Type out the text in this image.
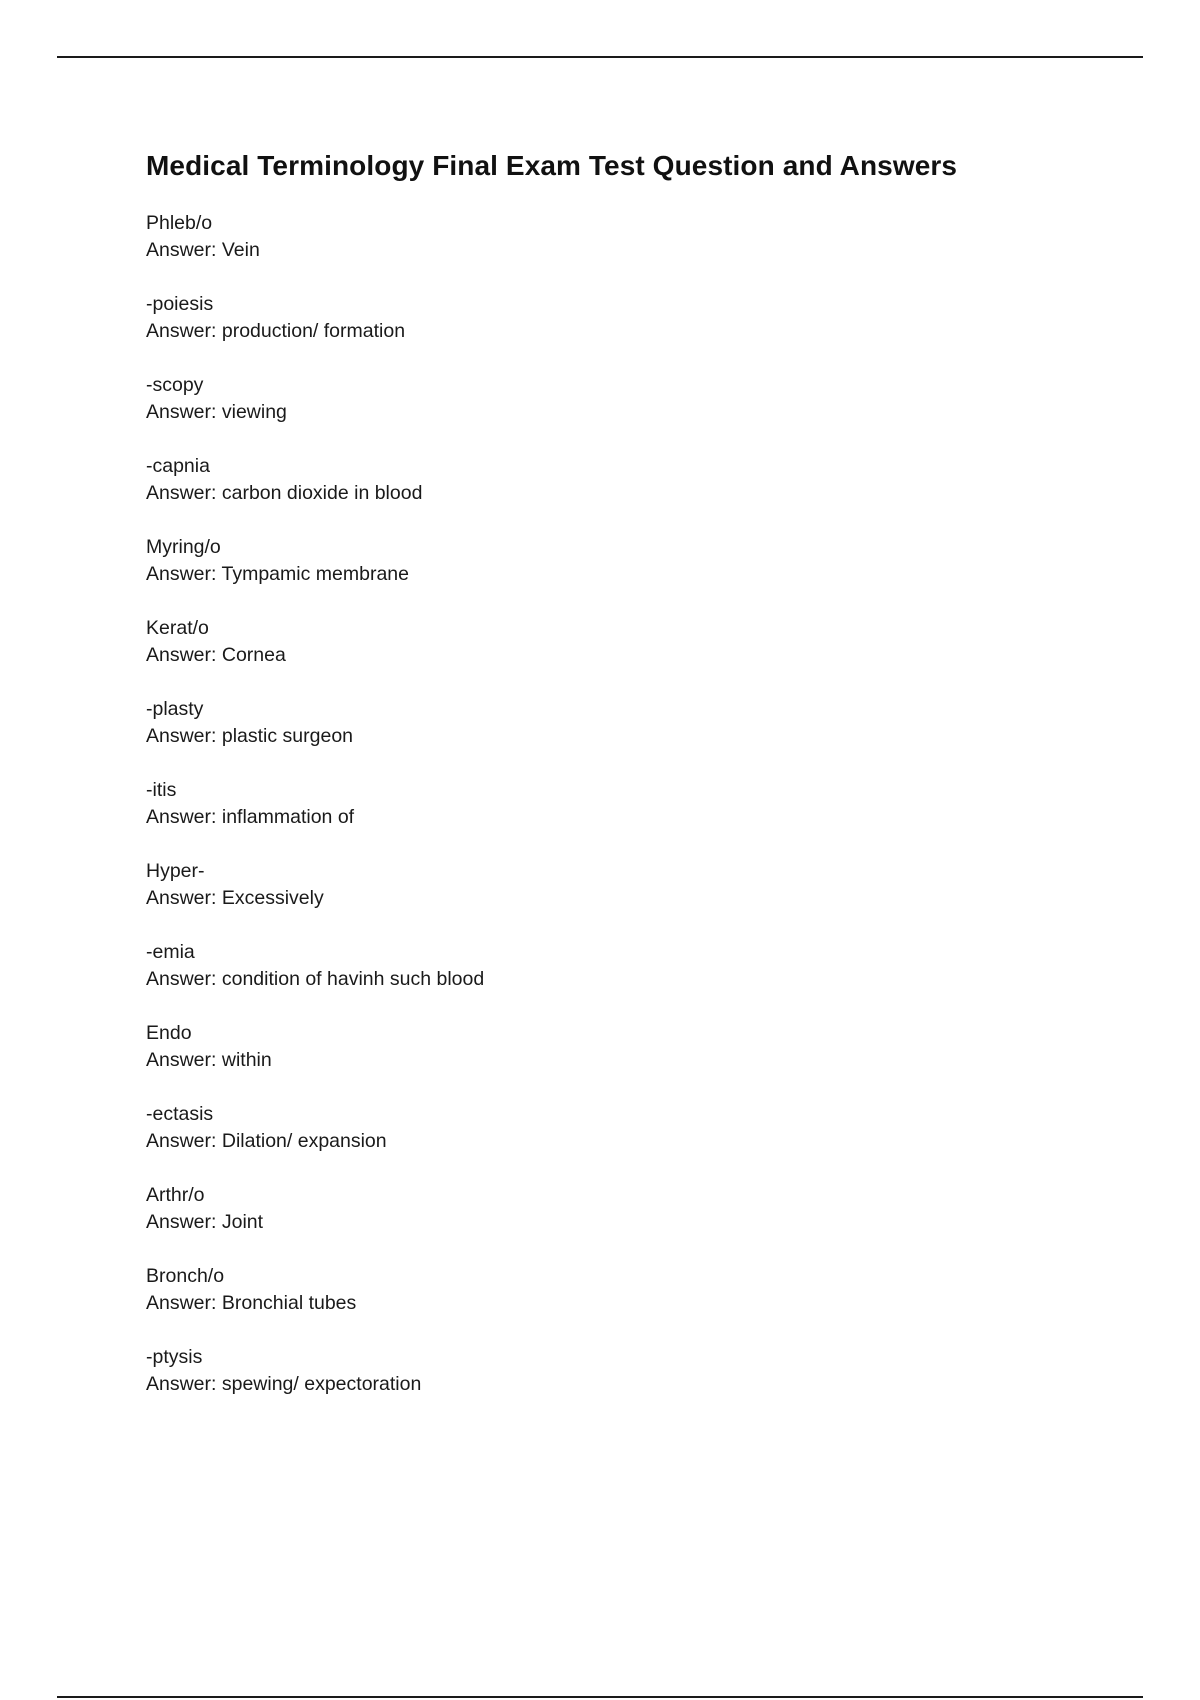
Medical Terminology Final Exam Test Question and Answers
Phleb/o
Answer: Vein
-poiesis
Answer: production/ formation
-scopy
Answer: viewing
-capnia
Answer: carbon dioxide in blood
Myring/o
Answer: Tympamic membrane
Kerat/o
Answer: Cornea
-plasty
Answer: plastic surgeon
-itis
Answer: inflammation of
Hyper-
Answer: Excessively
-emia
Answer: condition of havinh such blood
Endo
Answer: within
-ectasis
Answer: Dilation/ expansion
Arthr/o
Answer: Joint
Bronch/o
Answer: Bronchial tubes
-ptysis
Answer: spewing/ expectoration
